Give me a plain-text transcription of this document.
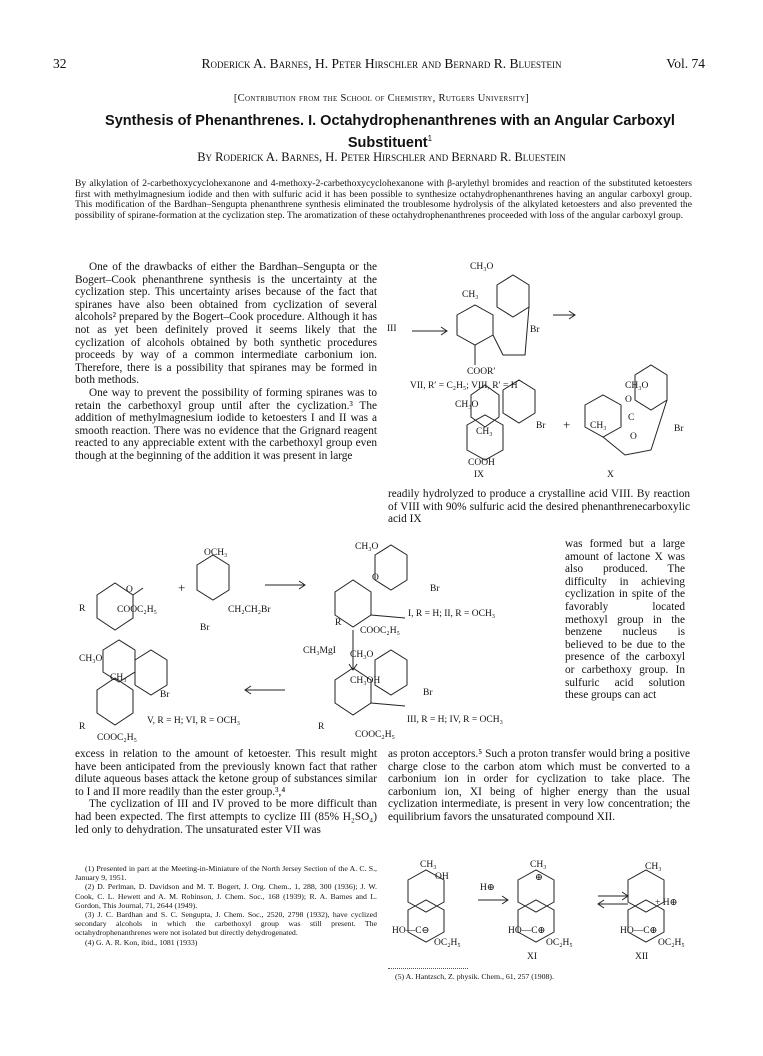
32	Roderick A. Barnes, H. Peter Hirschler and Bernard R. Bluestein	Vol. 74
[Contribution from the School of Chemistry, Rutgers University]
Synthesis of Phenanthrenes. I. Octahydrophenanthrenes with an Angular Carboxyl Substituent$^1$
By Roderick A. Barnes, H. Peter Hirschler and Bernard R. Bluestein
By alkylation of 2-carbethoxycyclohexanone and 4-methoxy-2-carbethoxycyclohexanone with β-arylethyl bromides and reaction of the substituted ketoesters first with methylmagnesium iodide and then with sulfuric acid it has been possible to synthesize octahydrophenanthrenes having an angular carboxyl group. This modification of the Bardhan–Sengupta phenanthrene synthesis eliminated the troublesome hydrolysis of the alkylated ketoesters and also prevented the possibility of spirane-formation at the cyclization step. The aromatization of these octahydrophenanthrenes proceeded with loss of the angular carboxyl group.

One of the drawbacks of either the Bardhan–Sengupta or the Bogert–Cook phenanthrene synthesis is the uncertainty at the cyclization step. This uncertainty arises because of the fact that spiranes have also been obtained from cyclization of several alcohols² prepared by the Bogert–Cook procedure. Although it has not as yet been definitely proved it seems likely that the cyclization of alcohols obtained by both synthetic procedures proceeds by way of a common intermediate carbonium ion. Therefore, there is a possibility that spiranes may be formed in both methods.

One way to prevent the possibility of forming spiranes was to retain the carbethoxyl group until after the cyclization.³ The addition of methylmagnesium iodide to ketoesters I and II was a smooth reaction. There was no evidence that the Grignard reagent reacted to any appreciable extent with the carbethoxyl group even though at the beginning of the addition it was present in large

III
CH₃O
CH₃
Br
COOR′
VII, R′ = C₂H₅; VIII, R′ = H
CH₃O
CH₃
Br +
COOH
IX
CH₃O
O
C
CH₃
O
Br
X
readily hydrolyzed to produce a crystalline acid VIII. By reaction of VIII with 90% sulfuric acid the desired phenanthrenecarboxylic acid IX
OCH₃
O	+
R	COOC₂H₅	CH₂CH₂Br
Br
CH₃O
O
Br
I, R = H; II, R = OCH₃
R
COOC₂H₅
CH₃MgI CH₃O
CH₃OH
Br
III, R = H; IV, R = OCH₃
R
COOC₂H₅
CH₃O
CH₃
Br
V, R = H; VI, R = OCH₃
R
COOC₂H₅
was formed but a large amount of lactone X was also produced. The difficulty in achieving cyclization in spite of the favorably located methoxyl group in the benzene nucleus is believed to be due to the presence of the carboxyl or carbethoxy group. In sulfuric acid solution these groups can act

excess in relation to the amount of ketoester. This result might have been anticipated from the previously known fact that rather dilute aqueous bases attack the ketone group of substances similar to I and II more readily than the ester group.³,⁴

The cyclization of III and IV proved to be more difficult than had been expected. The first attempts to cyclize III (85% H₂SO₄) led only to dehydration. The unsaturated ester VII was

(1) Presented in part at the Meeting-in-Miniature of the North Jersey Section of the A. C. S., January 9, 1951.
(2) D. Perlman, D. Davidson and M. T. Bogert, J. Org. Chem., 1, 288, 300 (1936); J. W. Cook, C. L. Hewett and A. M. Robinson, J. Chem. Soc., 168 (1939); R. A. Barnes and L. Gordon, This Journal, 71, 2644 (1949).
(3) J. C. Bardhan and S. C. Sengupta, J. Chem. Soc., 2520, 2798 (1932), have cyclized secondary alcohols in which the carbethoxyl group was still present. The octahydrophenanthrenes were not isolated but directly dehydrogenated.
(4) G. A. R. Kon, ibid., 1081 (1933)
as proton acceptors.⁵ Such a proton transfer would bring a positive charge close to the carbon atom which must be converted to a carbonium ion in order for cyclization to take place. The carbonium ion, XI being of higher energy than the usual cyclization intermediate, is present in very low concentration; the equilibrium favors the unsaturated compound XII.
CH₃
OH
HO—C⊖
OC₂H₅
H⊕
CH₃
⊕
HO—C⊕
OC₂H₅
XI
CH₃
+ H⊕
HO—C⊕
OC₂H₅
XII
(5) A. Hantzsch, Z. physik. Chem., 61, 257 (1908).
